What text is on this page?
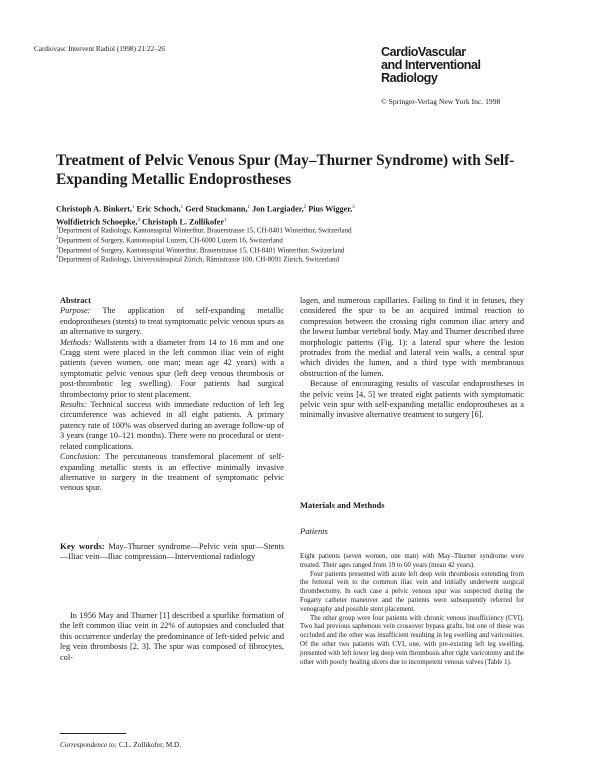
Cardiovasc Intervent Radiol (1998) 21:22–26	CardioVascular
and Interventional
Radiology
© Springer-Verlag New York Inc. 1998
Treatment of Pelvic Venous Spur (May–Thurner Syndrome) with Self-Expanding Metallic Endoprostheses
Christoph A. Binkert,$^1$ Eric Schoch,$^1$ Gerd Stuckmann,$^1$ Jon Largiader,$^2$ Pius Wigger,$^3$
Wolfdietrich Schoepke,$^4$ Christoph L. Zollikofer$^1$
$^1$Department of Radiology, Kantonsspital Winterthur, Brauerstrasse 15, CH-8401 Winterthur, Switzerland
$^2$Department of Surgery, Kantonsspital Luzern, CH-6000 Luzern 16, Switzerland
$^3$Department of Surgery, Kantonsspital Winterthur, Brauerstrasse 15, CH-8401 Winterthur, Switzerland
$^4$Department of Radiology, Universitätsspital Zürich, Rämistrasse 100, CH-8091 Zürich, Switzerland
Abstract

Purpose: The application of self-expanding metallic endoprostheses (stents) to treat symptomatic pelvic venous spurs as an alternative to surgery.

Methods: Wallstents with a diameter from 14 to 16 mm and one Cragg stent were placed in the left common iliac vein of eight patients (seven women, one man; mean age 42 years) with a symptomatic pelvic venous spur (left deep venous thrombosis or post-thrombotic leg swelling). Four patients had surgical thrombectomy prior to stent placement.

Results: Technical success with immediate reduction of left leg circumference was achieved in all eight patients. A primary patency rate of 100% was observed during an average follow-up of 3 years (range 10–121 months). There were no procedural or stent-related complications.

Conclusion: The percutaneous transfemoral placement of self-expanding metallic stents is an effective minimally invasive alternative to surgery in the treatment of symptomatic pelvic venous spur.

Key words: May–Thurner syndrome—Pelvic vein spur—Stents—Iliac vein—Iliac compression—Interventional radiology

In 1956 May and Thurner [1] described a spurlike formation of the left common iliac vein in 22% of autopsies and concluded that this occurrence underlay the predominance of left-sided pelvic and leg vein thrombosis [2, 3]. The spur was composed of fibrocytes, col-

Correspondence to: C.L. Zollikofer, M.D.

lagen, and numerous capillaries. Failing to find it in fetuses, they considered the spur to be an acquired intimal reaction to compression between the crossing right common iliac artery and the lowest lumbar vertebral body. May and Thurner described three morphologic patterns (Fig. 1): a lateral spur where the lesion protrudes from the medial and lateral vein walls, a central spur which divides the lumen, and a third type with membranous obstruction of the lumen.

Because of encouraging results of vascular endoprostheses in the pelvic veins [4, 5] we treated eight patients with symptomatic pelvic vein spur with self-expanding metallic endoprostheses as a minimally invasive alternative treatment to surgery [6].

Materials and Methods
Patients

Eight patients (seven women, one man) with May–Thurner syndrome were treated. Their ages ranged from 19 to 60 years (mean 42 years).

Four patients presented with acute left deep vein thrombosis extending from the femoral vein to the common iliac vein and initially underwent surgical thrombectomy. In each case a pelvic venous spur was suspected during the Fogarty catheter maneuver and the patients were subsequently referred for venography and possible stent placement.

The other group were four patients with chronic venous insufficiency (CVI). Two had previous saphenous vein crossover bypass grafts, but one of these was occluded and the other was insufficient resulting in leg swelling and varicosities. Of the other two patients with CVI, one, with pre-existing left leg swelling, presented with left lower leg deep vein thrombosis after right varicotomy and the other with poorly healing ulcers due to incompetent venous valves (Table 1).
